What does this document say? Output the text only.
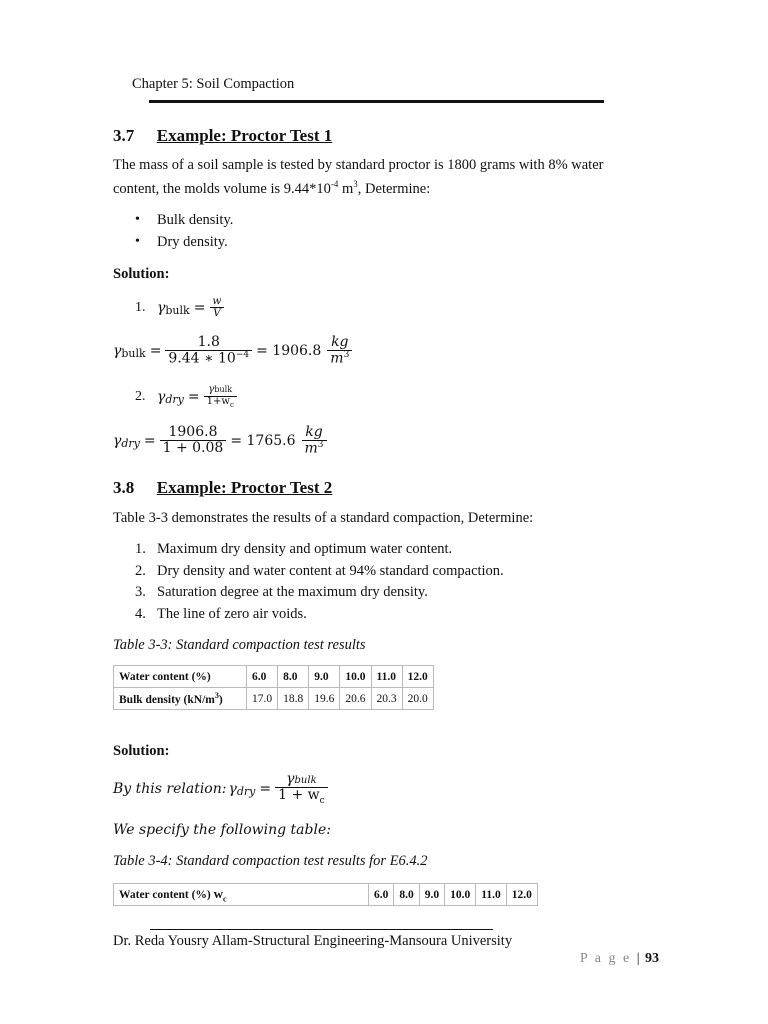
Chapter 5: Soil Compaction
3.7 Example: Proctor Test 1

The mass of a soil sample is tested by standard proctor is 1800 grams with 8% water

content, the molds volume is $9.44*10^{-4}$ $m^3$, Determine:

• Bulk density.
• Dry density.
Solution:
1. γ bulk = $\frac{w}{V}$
γ bulk = $\frac{1.8}{9.44 ∗ 10^{-4}} = 1906.8 \frac{kg}{m^3}$
2. γ dry = $\frac{\text{γbulk}}{1+w_c}$
γ dry = $\frac{1906.8}{1 + 0.08} = 1765.6 \frac{kg}{m^3}$
3.8 Example: Proctor Test 2

Table 3-3 demonstrates the results of a standard compaction, Determine:

1. Maximum dry density and optimum water content.
2. Dry density and water content at 94% standard compaction.
3. Saturation degree at the maximum dry density.
4. The line of zero air voids.
Table 3-3: Standard compaction test results
Water content (%)	6.0	8.0	9.0	10.0	11.0	12.0
Bulk density $(kN/m^3)$	17.0	18.8	19.6	20.6	20.3	20.0
Solution:
By this relation: γ dry = $\frac{\text{γbulk}}{1 + w_c}$
We specify the following table:
Table 3-4: Standard compaction test results for E6.4.2
Water content (%) $w_c$	6.0	8.0	9.0	10.0	11.0	12.0
Dr. Reda Yousry Allam-Structural Engineering-Mansoura University
P a g e | 93
